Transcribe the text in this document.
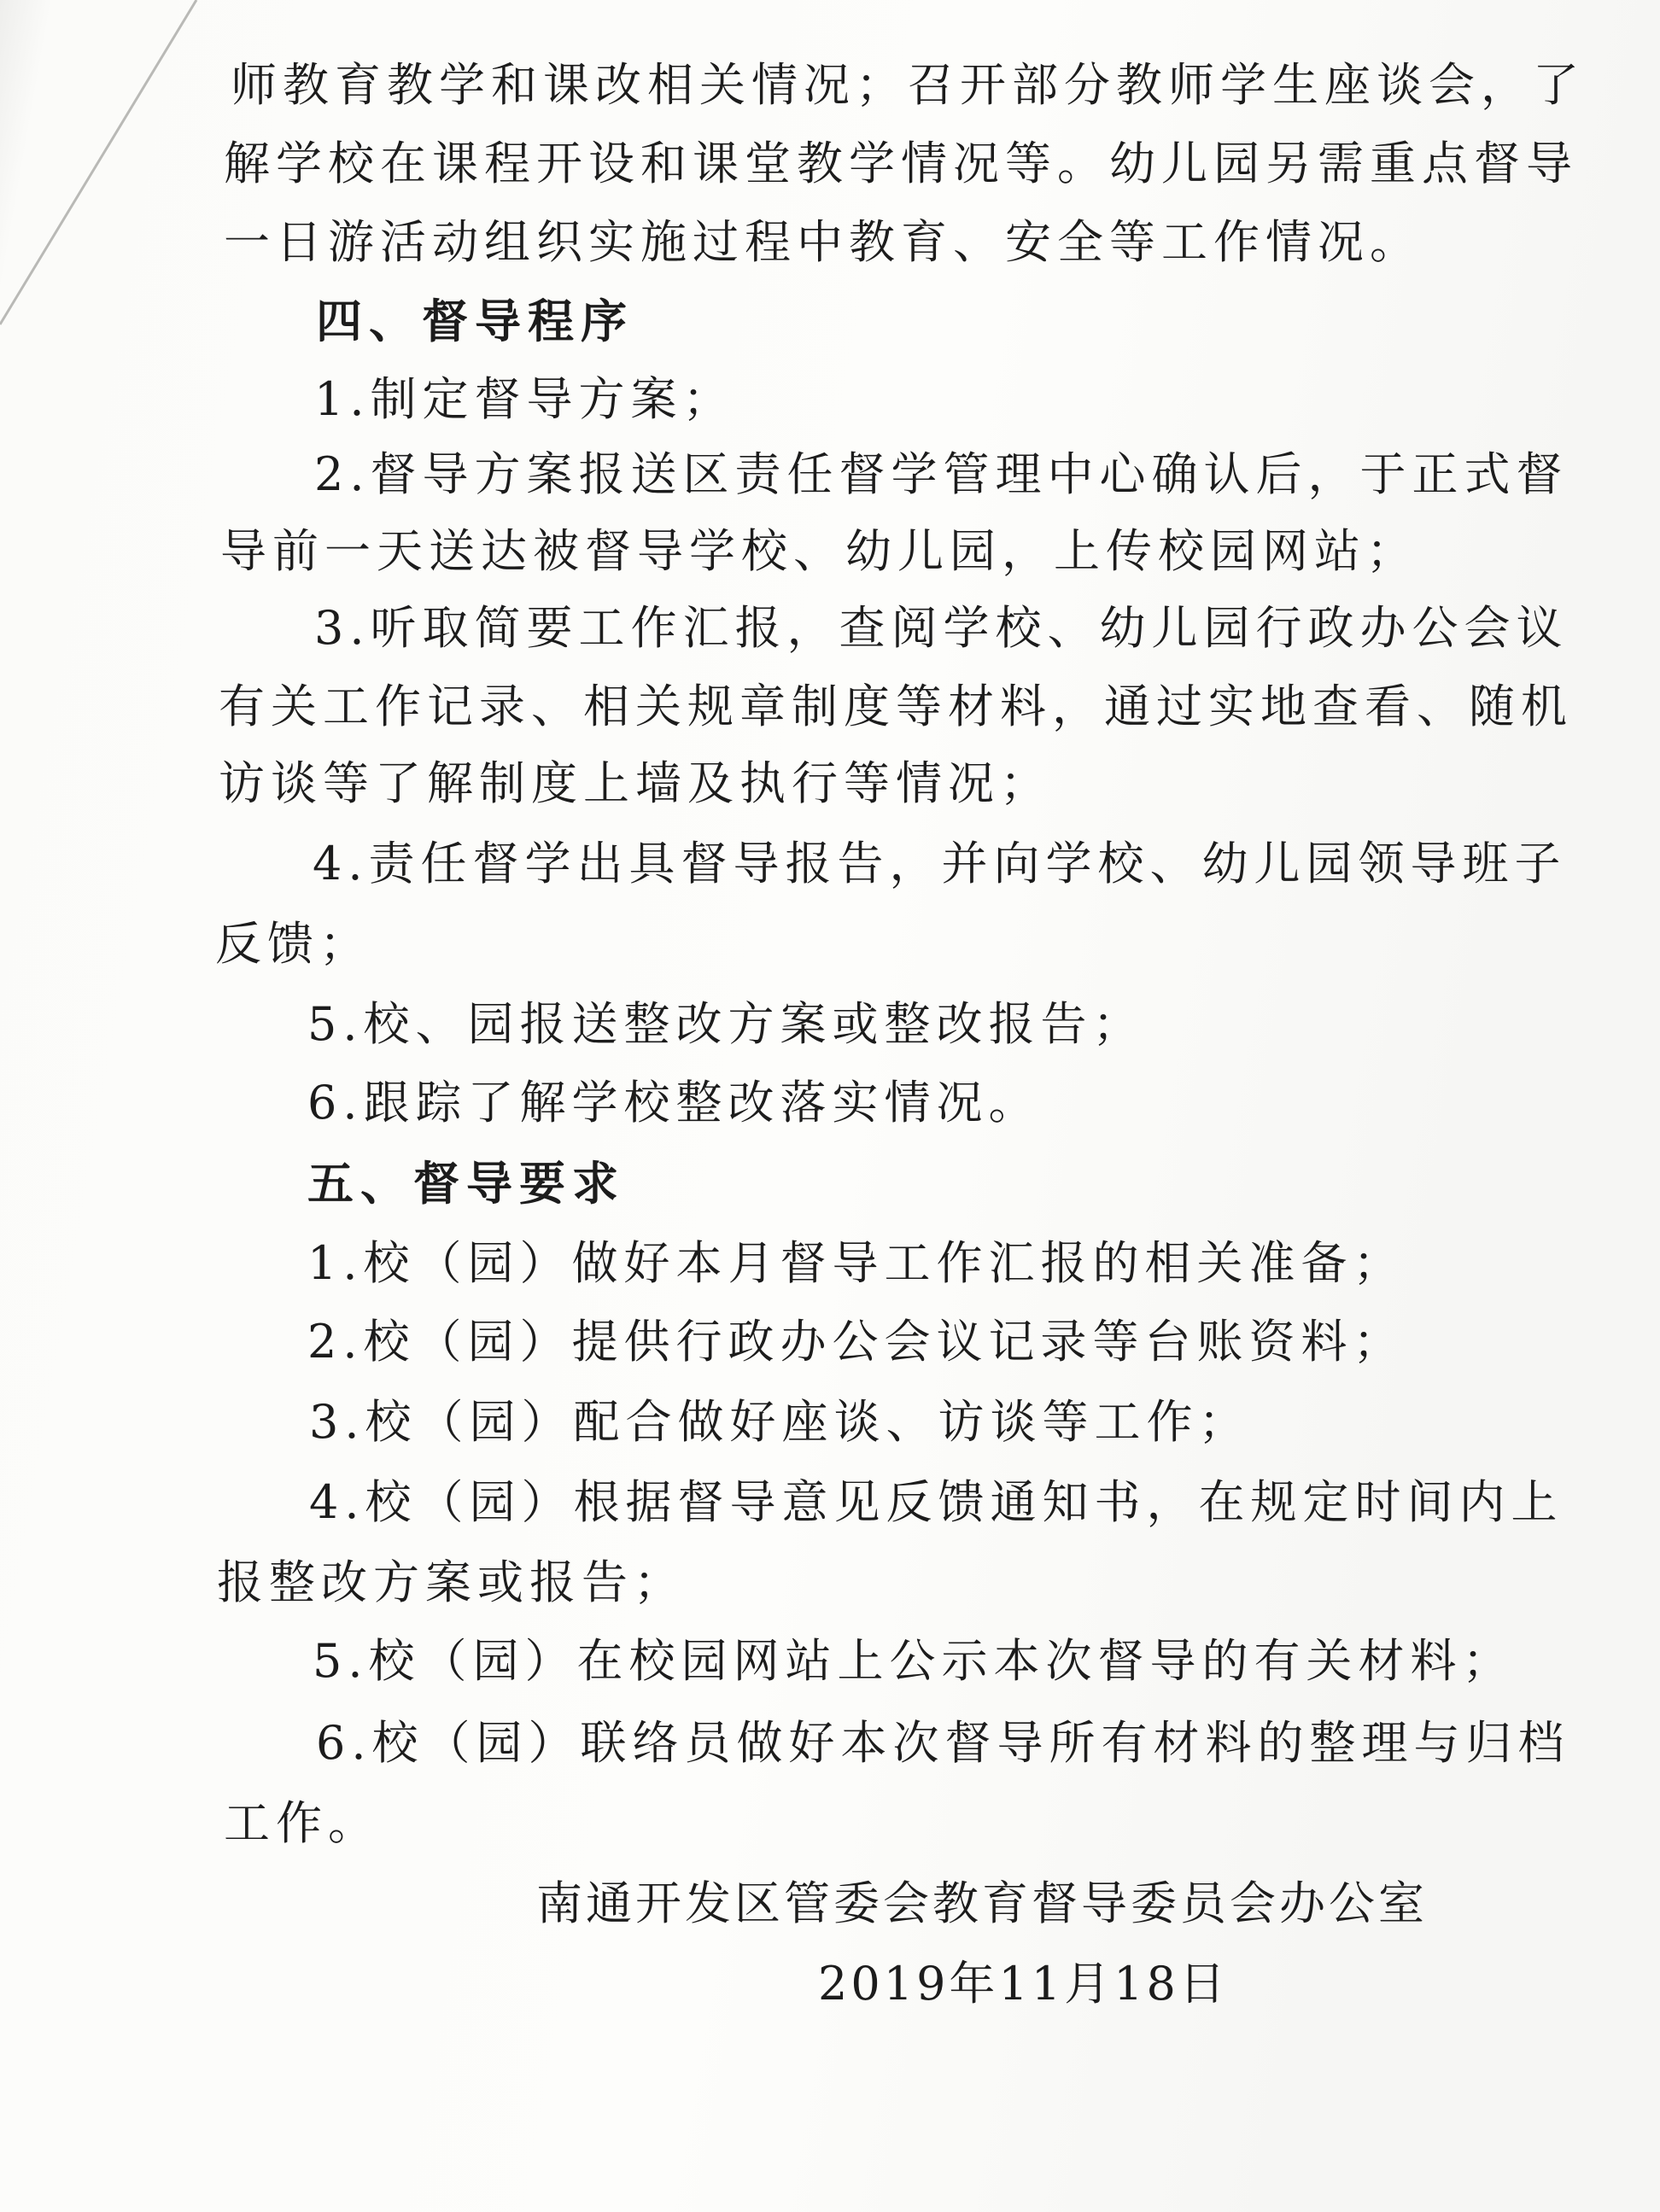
师教育教学和课改相关情况；召开部分教师学生座谈会，了
解学校在课程开设和课堂教学情况等。幼儿园另需重点督导
一日游活动组织实施过程中教育、安全等工作情况。
四、督导程序
1.制定督导方案；
2.督导方案报送区责任督学管理中心确认后，于正式督
导前一天送达被督导学校、幼儿园，上传校园网站；
3.听取简要工作汇报，查阅学校、幼儿园行政办公会议
有关工作记录、相关规章制度等材料，通过实地查看、随机
访谈等了解制度上墙及执行等情况；
4.责任督学出具督导报告，并向学校、幼儿园领导班子
反馈；
5.校、园报送整改方案或整改报告；
6.跟踪了解学校整改落实情况。
五、督导要求
1.校（园）做好本月督导工作汇报的相关准备；
2.校（园）提供行政办公会议记录等台账资料；
3.校（园）配合做好座谈、访谈等工作；
4.校（园）根据督导意见反馈通知书，在规定时间内上
报整改方案或报告；
5.校（园）在校园网站上公示本次督导的有关材料；
6.校（园）联络员做好本次督导所有材料的整理与归档
工作。
南通开发区管委会教育督导委员会办公室
2019年11月18日
